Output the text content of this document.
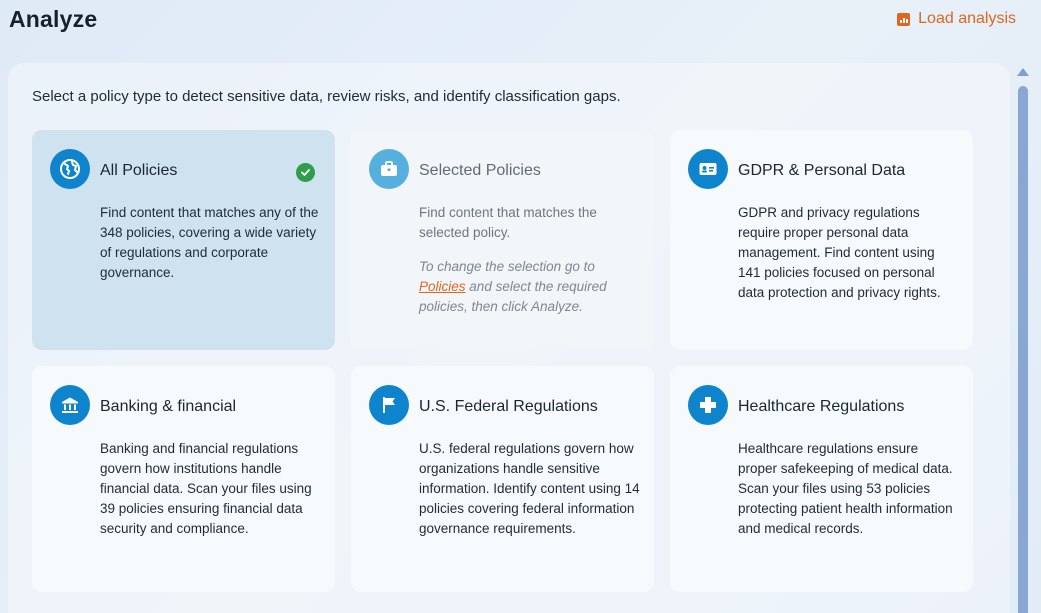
Analyze	Load analysis
Select a policy type to detect sensitive data, review risks, and identify classification gaps.
All Policies
Find content that matches any of the 348 policies, covering a wide variety of regulations and corporate governance.
Selected Policies
Find content that matches the selected policy.
To change the selection go to Policies and select the required policies, then click Analyze.
GDPR & Personal Data
GDPR and privacy regulations require proper personal data management. Find content using 141 policies focused on personal data protection and privacy rights.
Banking & financial
Banking and financial regulations govern how institutions handle financial data. Scan your files using 39 policies ensuring financial data security and compliance.
U.S. Federal Regulations
U.S. federal regulations govern how organizations handle sensitive information. Identify content using 14 policies covering federal information governance requirements.
Healthcare Regulations
Healthcare regulations ensure proper safekeeping of medical data. Scan your files using 53 policies protecting patient health information and medical records.
